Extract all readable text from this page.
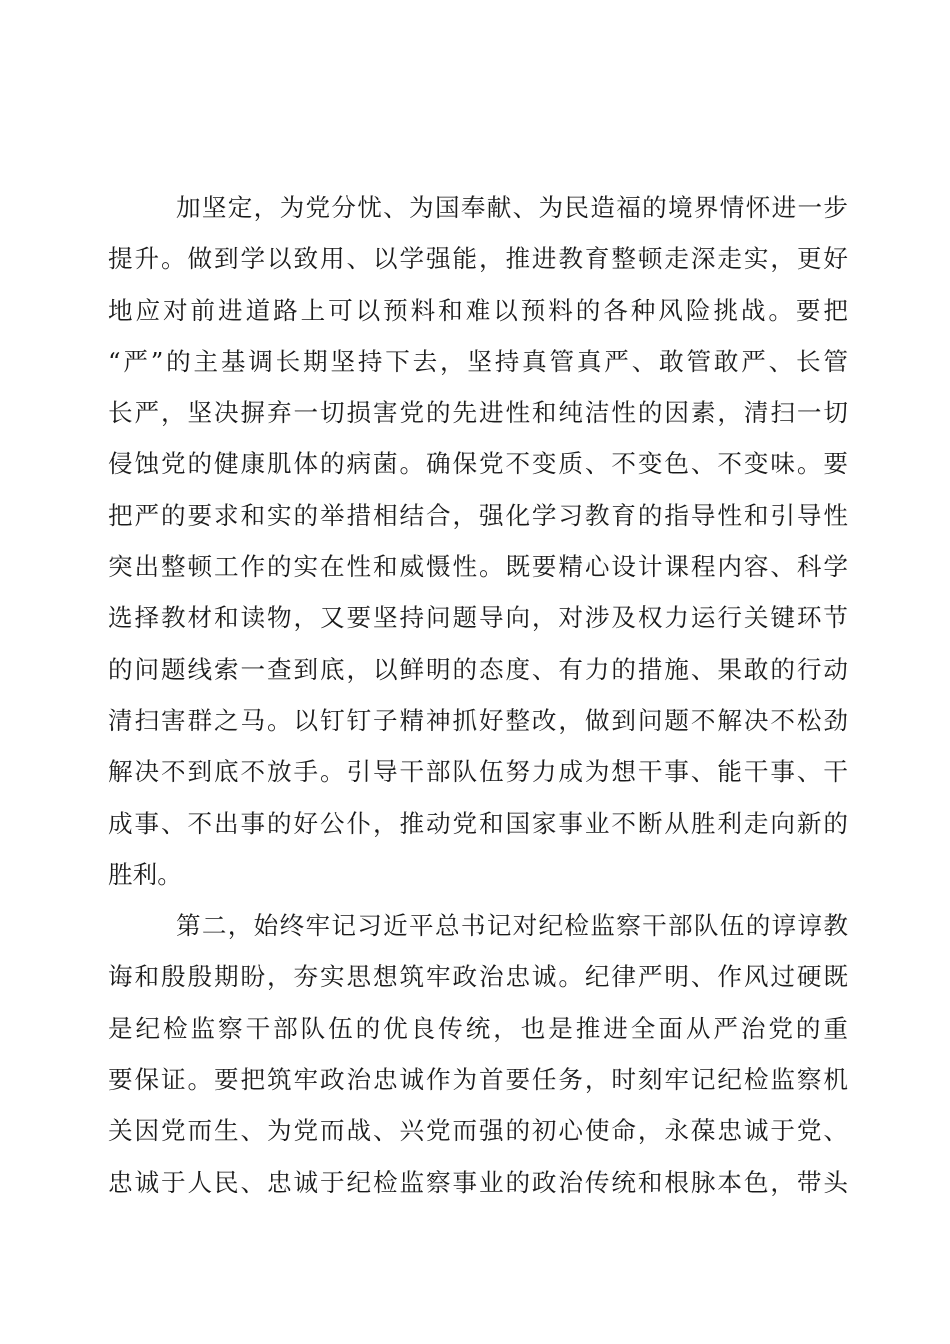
加坚定，为党分忧、为国奉献、为民造福的境界情怀进一步
提升。做到学以致用、以学强能，推进教育整顿走深走实，更好
地应对前进道路上可以预料和难以预料的各种风险挑战。要把
“严”的主基调长期坚持下去，坚持真管真严、敢管敢严、长管
长严，坚决摒弃一切损害党的先进性和纯洁性的因素，清扫一切
侵蚀党的健康肌体的病菌。确保党不变质、不变色、不变味。要
把严的要求和实的举措相结合，强化学习教育的指导性和引导性
突出整顿工作的实在性和威慑性。既要精心设计课程内容、科学
选择教材和读物，又要坚持问题导向，对涉及权力运行关键环节
的问题线索一查到底，以鲜明的态度、有力的措施、果敢的行动
清扫害群之马。以钉钉子精神抓好整改，做到问题不解决不松劲
解决不到底不放手。引导干部队伍努力成为想干事、能干事、干
成事、不出事的好公仆，推动党和国家事业不断从胜利走向新的
胜利。
第二，始终牢记习近平总书记对纪检监察干部队伍的谆谆教
诲和殷殷期盼，夯实思想筑牢政治忠诚。纪律严明、作风过硬既
是纪检监察干部队伍的优良传统，也是推进全面从严治党的重
要保证。要把筑牢政治忠诚作为首要任务，时刻牢记纪检监察机
关因党而生、为党而战、兴党而强的初心使命，永葆忠诚于党、
忠诚于人民、忠诚于纪检监察事业的政治传统和根脉本色，带头
